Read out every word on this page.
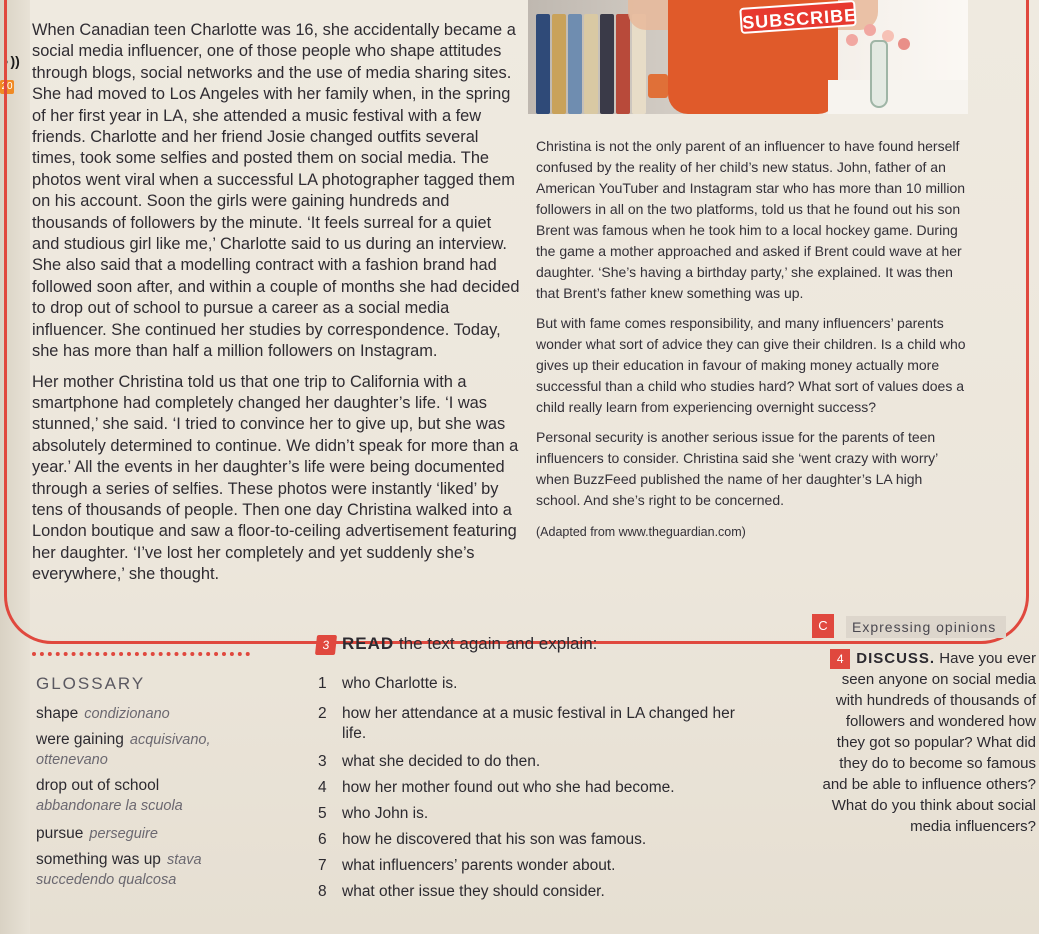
◗))
20
SUBSCRIBE

When Canadian teen Charlotte was 16, she accidentally became a social media influencer, one of those people who shape attitudes through blogs, social networks and the use of media sharing sites. She had moved to Los Angeles with her family when, in the spring of her first year in LA, she attended a music festival with a few friends. Charlotte and her friend Josie changed outfits several times, took some selfies and posted them on social media. The photos went viral when a successful LA photographer tagged them on his account. Soon the girls were gaining hundreds and thousands of followers by the minute. ‘It feels surreal for a quiet and studious girl like me,’ Charlotte said to us during an interview. She also said that a modelling contract with a fashion brand had followed soon after, and within a couple of months she had decided to drop out of school to pursue a career as a social media influencer. She continued her studies by correspondence. Today, she has more than half a million followers on Instagram.

Her mother Christina told us that one trip to California with a smartphone had completely changed her daughter’s life. ‘I was stunned,’ she said. ‘I tried to convince her to give up, but she was absolutely determined to continue. We didn’t speak for more than a year.’ All the events in her daughter’s life were being documented through a series of selfies. These photos were instantly ‘liked’ by tens of thousands of people. Then one day Christina walked into a London boutique and saw a floor-to-ceiling advertisement featuring her daughter. ‘I’ve lost her completely and yet suddenly she’s everywhere,’ she thought.

Christina is not the only parent of an influencer to have found herself confused by the reality of her child’s new status. John, father of an American YouTuber and Instagram star who has more than 10 million followers in all on the two platforms, told us that he found out his son Brent was famous when he took him to a local hockey game. During the game a mother approached and asked if Brent could wave at her daughter. ‘She’s having a birthday party,’ she explained. It was then that Brent’s father knew something was up.

But with fame comes responsibility, and many influencers’ parents wonder what sort of advice they can give their children. Is a child who gives up their education in favour of making money actually more successful than a child who studies hard? What sort of values does a child really learn from experiencing overnight success?

Personal security is another serious issue for the parents of teen influencers to consider. Christina said she ‘went crazy with worry’ when BuzzFeed published the name of her daughter’s LA high school. And she’s right to be concerned.

(Adapted from www.theguardian.com)

GLOSSARY
shape condizionano
were gaining acquisivano, ottenevano
drop out of school
abbandonare la scuola
pursue perseguire
something was up stava succedendo qualcosa
3 READ the text again and explain:
1 who Charlotte is.
2 how her attendance at a music festival in LA changed her life.
3 what she decided to do then.
4 how her mother found out who she had become.
5 who John is.
6 how he discovered that his son was famous.
7 what influencers’ parents wonder about.
8 what other issue they should consider.
C	Expressing opinions
4 DISCUSS. Have you ever seen anyone on social media with hundreds of thousands of followers and wondered how they got so popular? What did they do to become so famous and be able to influence others? What do you think about social media influencers?
